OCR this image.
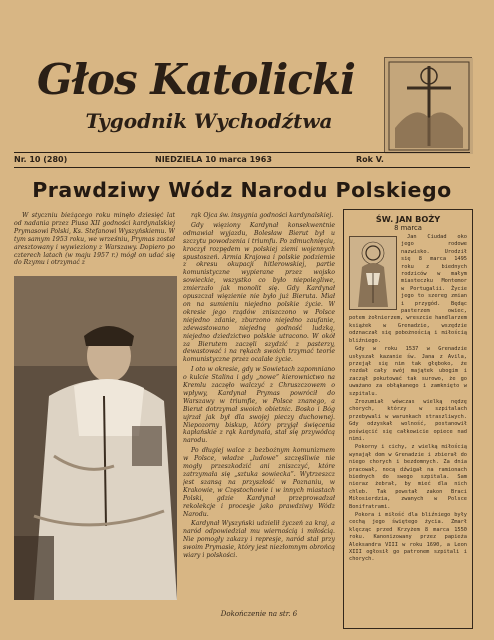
Głos Katolicki
Tygodnik Wychodźtwa
Nr. 10 (280)	NIEDZIELA 10 marca 1963	Rok V.
Prawdziwy Wódz Narodu Polskiego

W styczniu bieżącego roku minęło dziesięć lat od nadania przez Piusa XII godności kardynalskiej Prymasowi Polski, Ks. Stefanowi Wyszyńskiemu. W tym samym 1953 roku, we wrześniu, Prymas został aresztowany i wywieziony z Warszawy. Dopiero po czterech latach (w maju 1957 r.) mógł on udać się do Rzymu i otrzymać z

rąk Ojca św. insygnia godności kardynalskiej.

Gdy więziony Kardynał konsekwentnie odmawiał wyjazdu, Bolesław Bierut był u szczytu powodzenia i triumfu. Po zdmuchnięciu, kroczył rozpędem w polskiej ziemi wojennych spustoszeń. Armia Krajowa i polskie podziemie z okresu okupacji hitlerowskiej, partie komunistyczne wypierane przez wojsko sowieckie, wszystko co było niepolegliwe, zmierzało jak monolit się. Gdy Kardynał opuszczał więzienie nie było już Bieruta. Miał on na sumieniu niejedno polskie życie. W okresie jego rządów zniszczono w Polsce niejedno zdanie, zburzono niejedno zaufanie, zdewastowano niejedną godność ludzką, niejedno dziedzictwo polskie utracono. W okół za Bierutem zaczęli szydzić z pasterzy, dewastować i na rękach swoich trzymać teorie komunistyczne przez ocalałe życie.

I oto w okresie, gdy w Sowietach zapomniano o kulcie Stalina i gdy „nowe” kierownictwo na Kremlu zaczęło walczyć z Chruszczowem o wpływy, Kardynał Prymas powrócił do Warszawy w triumfie, w Polsce znanego, a Bierut dotrzymał swoich obietnic. Bosko i Bóg ujrzał jak był dla swojej pieczy duchownej. Niepozorny biskup, który przyjął święcenia kapłańskie z rąk kardynała, stał się przywódcą narodu.

Po długiej walce z bezbożnym komunizmem w Polsce, władze „ludowe” szczęśliwie nie mogły przeszkodzić ani zniszczyć, które zatrzymała się „sztuka sowiecka”. Wytrzeszcz jest szansą na przyszłość w Poznaniu, w Krakowie, w Częstochowie i w innych miastach Polski, gdzie Kardynał przeprowadzał rekolekcje i procesje jako prawdziwy Wódz Narodu.

Kardynał Wyszyński udzielił życzeń za kraj, a naród odpowiedział mu wiernością i miłością. Nie pomogły zakazy i represje, naród stał przy swoim Prymasie, który jest niezłomnym obrońcą wiary i polskości.

Dokończenie na str. 6
ŚW. JAN BOŻY
8 marca

Jan Ciudad oko jego rodowe nazwisko. Urodził się 8 marca 1495 roku z biednych rodziców w małym miasteczku Montemor w Portugalii. Życie jego to szereg zmian i przygód. Będąc pasterzem owiec, potem żołnierzem, wreszcie handlarzem książek w Grenadzie, wszędzie odznaczał się pobożnością i miłością bliźniego.

Gdy w roku 1537 w Grenadzie usłyszał kazanie św. Jana z Avila, przejął się nim tak głęboko, że rozdał cały swój majątek ubogim i zaczął pokutować tak surowo, że go uważano za obłąkanego i zamknięto w szpitalu.

Zrozumiał wówczas wielką nędzę chorych, którzy w szpitalach przebywali w warunkach straszliwych. Gdy odzyskał wolność, postanowił poświęcić się całkowicie opiece nad nimi.

Pokorny i cichy, z wielką miłością wynajął dom w Grenadzie i zbierał do niego chorych i bezdomnych. Za dnia pracował, nocą dźwigał na ramionach biednych do swego szpitala. Sam nieraz żebrał, by mieć dla nich chleb. Tak powstał zakon Braci Miłosierdzia, zwanych w Polsce Bonifratrami.

Pokora i miłość dla bliźniego były cechą jego świętego życia. Zmarł klęcząc przed Krzyżem 8 marca 1550 roku. Kanonizowany przez papieża Aleksandra VIII w roku 1690, a Leon XIII ogłosił go patronem szpitali i chorych.
